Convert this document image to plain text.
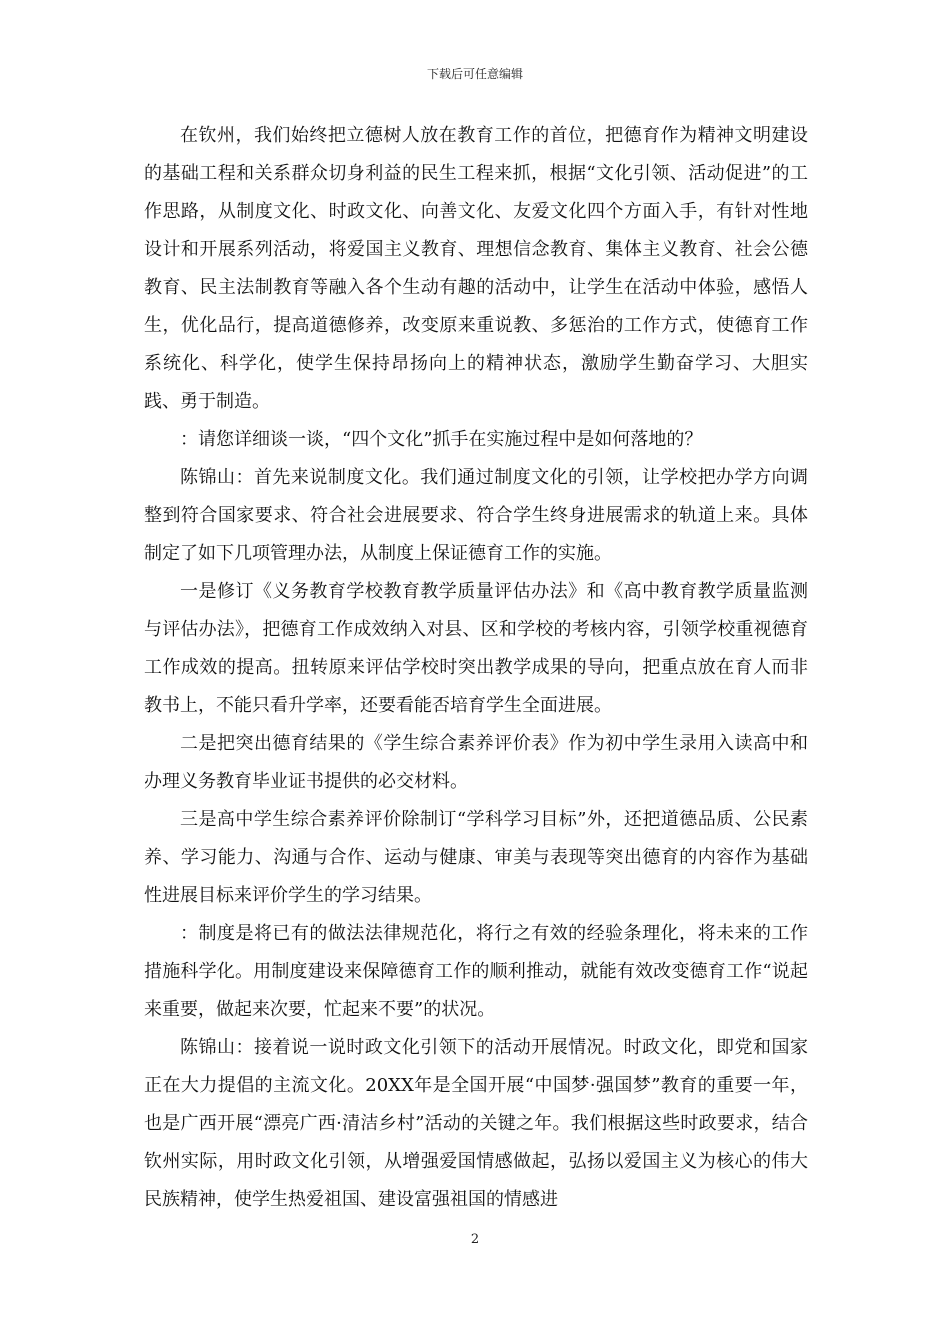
下载后可任意编辑

在钦州，我们始终把立德树人放在教育工作的首位，把德育作为精神文明建设的基础工程和关系群众切身利益的民生工程来抓，根据“文化引领、活动促进”的工作思路，从制度文化、时政文化、向善文化、友爱文化四个方面入手，有针对性地设计和开展系列活动，将爱国主义教育、理想信念教育、集体主义教育、社会公德教育、民主法制教育等融入各个生动有趣的活动中，让学生在活动中体验，感悟人生，优化品行，提高道德修养，改变原来重说教、多惩治的工作方式，使德育工作系统化、科学化，使学生保持昂扬向上的精神状态，激励学生勤奋学习、大胆实践、勇于制造。

：请您详细谈一谈，“四个文化”抓手在实施过程中是如何落地的？

陈锦山：首先来说制度文化。我们通过制度文化的引领，让学校把办学方向调整到符合国家要求、符合社会进展要求、符合学生终身进展需求的轨道上来。具体制定了如下几项管理办法，从制度上保证德育工作的实施。

一是修订《义务教育学校教育教学质量评估办法》和《高中教育教学质量监测与评估办法》，把德育工作成效纳入对县、区和学校的考核内容，引领学校重视德育工作成效的提高。扭转原来评估学校时突出教学成果的导向，把重点放在育人而非教书上，不能只看升学率，还要看能否培育学生全面进展。

二是把突出德育结果的《学生综合素养评价表》作为初中学生录用入读高中和办理义务教育毕业证书提供的必交材料。

三是高中学生综合素养评价除制订“学科学习目标”外，还把道德品质、公民素养、学习能力、沟通与合作、运动与健康、审美与表现等突出德育的内容作为基础性进展目标来评价学生的学习结果。

：制度是将已有的做法法律规范化，将行之有效的经验条理化，将未来的工作措施科学化。用制度建设来保障德育工作的顺利推动，就能有效改变德育工作“说起来重要，做起来次要，忙起来不要”的状况。

陈锦山：接着说一说时政文化引领下的活动开展情况。时政文化，即党和国家正在大力提倡的主流文化。20XX年是全国开展“中国梦·强国梦”教育的重要一年，也是广西开展“漂亮广西·清洁乡村”活动的关键之年。我们根据这些时政要求，结合钦州实际，用时政文化引领，从增强爱国情感做起，弘扬以爱国主义为核心的伟大民族精神，使学生热爱祖国、建设富强祖国的情感进

2
